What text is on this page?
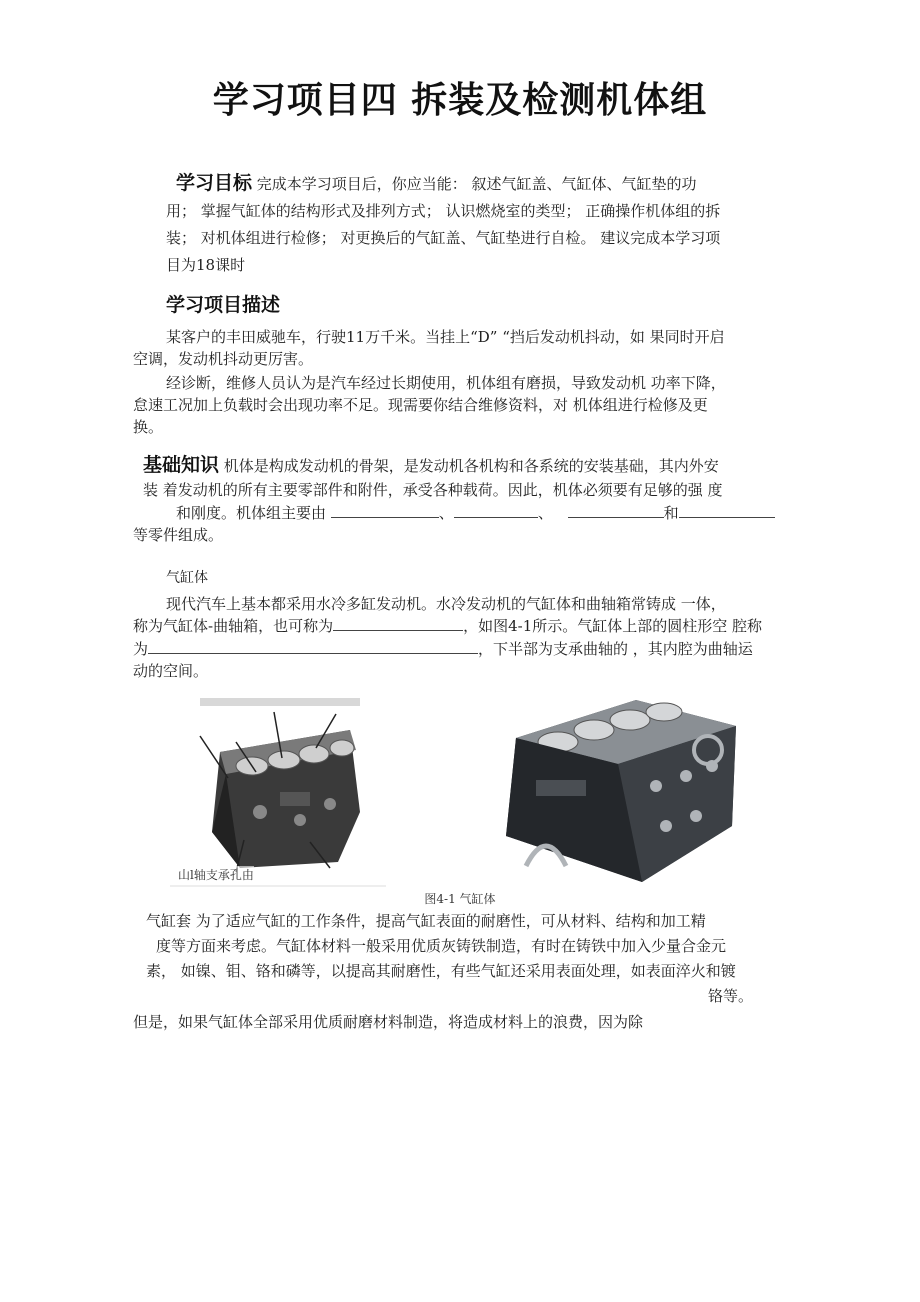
学习项目四 拆装及检测机体组
学习目标 完成本学习项目后，你应当能： 叙述气缸盖、气缸体、气缸垫的功
用； 掌握气缸体的结构形式及排列方式； 认识燃烧室的类型； 正确操作机体组的拆
装； 对机体组进行检修； 对更换后的气缸盖、气缸垫进行自检。 建议完成本学习项
目为18课时
学习项目描述
某客户的丰田威驰车，行驶11万千米。当挂上“D” “挡后发动机抖动，如 果同时开启
空调，发动机抖动更厉害。
经诊断，维修人员认为是汽车经过长期使用，机体组有磨损，导致发动机 功率下降，
怠速工况加上负载时会出现功率不足。现需要你结合维修资料，对 机体组进行检修及更
换。
基础知识 机体是构成发动机的骨架，是发动机各机构和各系统的安装基础，其内外安
装 着发动机的所有主要零部件和附件，承受各种载荷。因此，机体必须要有足够的强 度
和刚度。机体组主要由	、	、	和
等零件组成。
气缸体
现代汽车上基本都采用水冷多缸发动机。水冷发动机的气缸体和曲轴箱常铸成 一体，
称为气缸体-曲轴箱，也可称为	，如图4-1所示。气缸体上部的圆柱形空 腔称
为	，下半部为支承曲轴的 ，其内腔为曲轴运
动的空间。
山l轴支承孔由
图4-1 气缸体
气缸套 为了适应气缸的工作条件，提高气缸表面的耐磨性，可从材料、结构和加工精
度等方面来考虑。气缸体材料一般采用优质灰铸铁制造，有时在铸铁中加入少量合金元
素， 如镍、钼、铬和磷等，以提高其耐磨性，有些气缸还采用表面处理，如表面淬火和镀
铬等。
但是，如果气缸体全部采用优质耐磨材料制造，将造成材料上的浪费，因为除
